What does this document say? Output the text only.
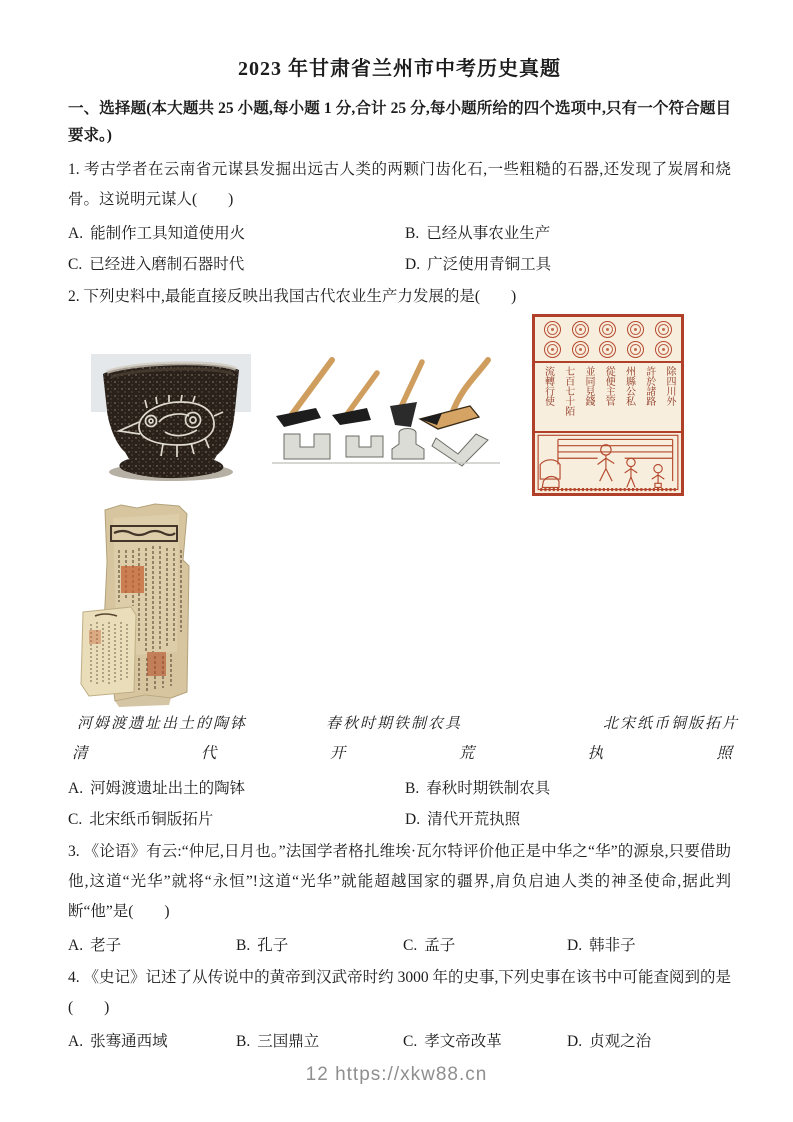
2023 年甘肃省兰州市中考历史真题

一、选择题(本大题共 25 小题,每小题 1 分,合计 25 分,每小题所给的四个选项中,只有一个符合题目要求。)

1. 考古学者在云南省元谋县发掘出远古人类的两颗门齿化石,一些粗糙的石器,还发现了炭屑和烧骨。这说明元谋人(　　)

A. 能制作工具知道使用火	B. 已经从事农业生产
C. 已经进入磨制石器时代	D. 广泛使用青铜工具

2. 下列史料中,最能直接反映出我国古代农业生产力发展的是(　　)

除四川外
許於諸路
州縣公私
從便主管
並同見錢
七百七十陌
流轉行使
河姆渡遗址出土的陶钵	春秋时期铁制农具	北宋纸币铜版拓片
清	代	开	荒	执	照
A. 河姆渡遗址出土的陶钵	B. 春秋时期铁制农具
C. 北宋纸币铜版拓片	D. 清代开荒执照

3. 《论语》有云:“仲尼,日月也。”法国学者格扎维埃·瓦尔特评价他正是中华之“华”的源泉,只要借助他,这道“光华”就将“永恒”!这道“光华”就能超越国家的疆界,肩负启迪人类的神圣使命,据此判断“他”是(　　)

A. 老子	B. 孔子	C. 孟子	D. 韩非子

4. 《史记》记述了从传说中的黄帝到汉武帝时约 3000 年的史事,下列史事在该书中可能查阅到的是(　　)

A. 张骞通西域	B. 三国鼎立	C. 孝文帝改革	D. 贞观之治
12 https://xkw88.cn
